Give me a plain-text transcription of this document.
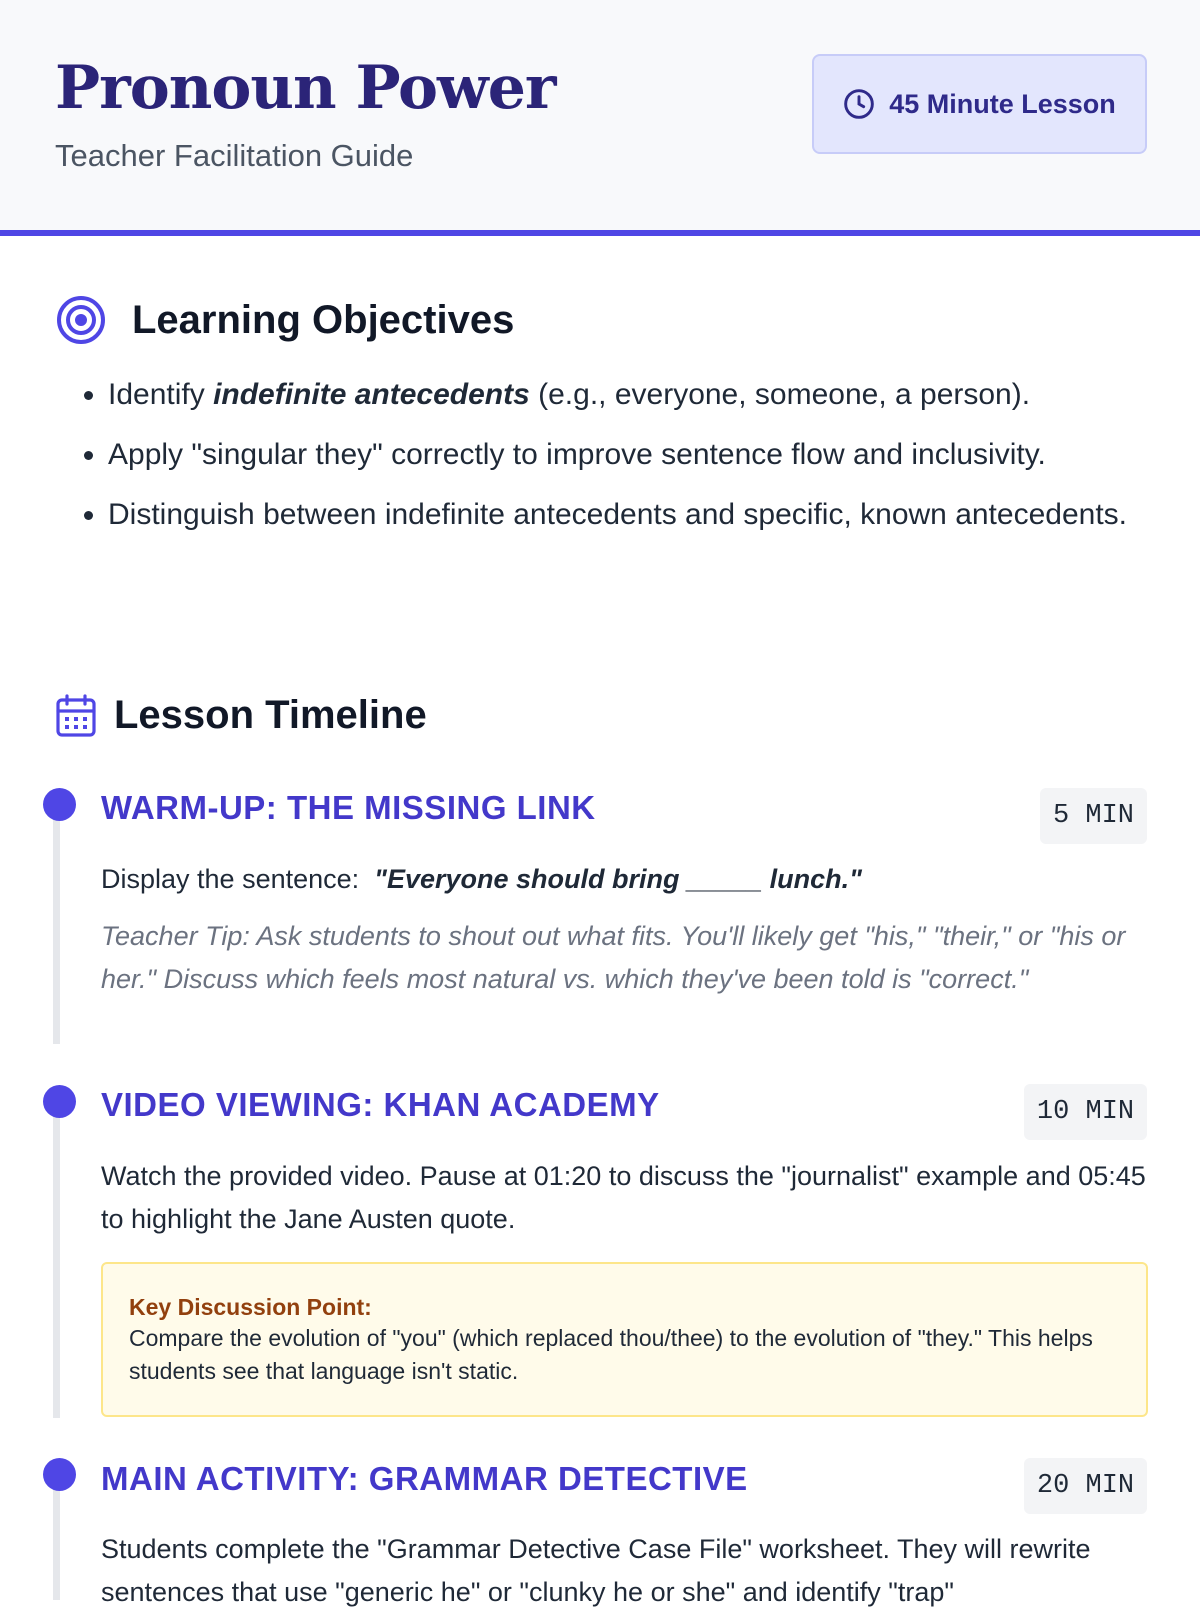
Pronoun Power
Teacher Facilitation Guide
45 Minute Lesson
Learning Objectives
• Identify indefinite antecedents (e.g., everyone, someone, a person).
• Apply "singular they" correctly to improve sentence flow and inclusivity.
• Distinguish between indefinite antecedents and specific, known antecedents.
Lesson Timeline
WARM-UP: THE MISSING LINK	5 MIN

Display the sentence: "Everyone should bring _____ lunch."

Teacher Tip: Ask students to shout out what fits. You'll likely get "his," "their," or "his or her." Discuss which feels most natural vs. which they've been told is "correct."

VIDEO VIEWING: KHAN ACADEMY	10 MIN

Watch the provided video. Pause at 01:20 to discuss the "journalist" example and 05:45 to highlight the Jane Austen quote.

Key Discussion Point:
Compare the evolution of "you" (which replaced thou/thee) to the evolution of "they." This helps students see that language isn't static.
MAIN ACTIVITY: GRAMMAR DETECTIVE	20 MIN

Students complete the "Grammar Detective Case File" worksheet. They will rewrite sentences that use "generic he" or "clunky he or she" and identify "trap"
